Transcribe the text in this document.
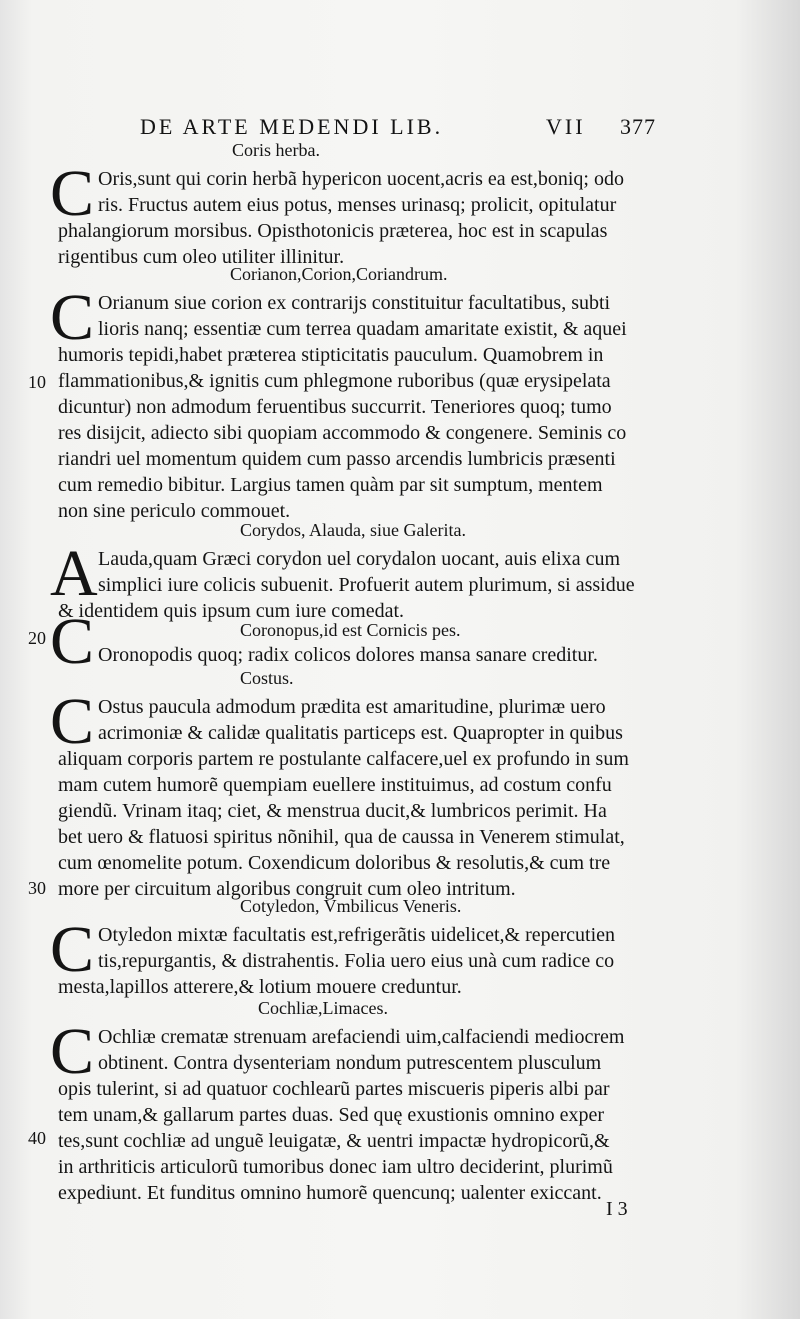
DE ARTE MEDENDI LIB.	VII 377
Coris herba.
C Oris,sunt qui corin herbã hypericon uocent,acris ea est,boniq; odo
ris. Fructus autem eius potus, menses urinasq; prolicit, opitulatur
phalangiorum morsibus. Opisthotonicis præterea, hoc est in scapulas
rigentibus cum oleo utiliter illinitur.
Corianon,Corion,Coriandrum.
C Orianum siue corion ex contrarijs constituitur facultatibus, subti
lioris nanq; essentiæ cum terrea quadam amaritate existit, & aquei
humoris tepidi,habet præterea stipticitatis pauculum. Quamobrem in
flammationibus,& ignitis cum phlegmone ruboribus (quæ erysipelata
dicuntur) non admodum feruentibus succurrit. Teneriores quoq; tumo
res disijcit, adiecto sibi quopiam accommodo & congenere. Seminis co
riandri uel momentum quidem cum passo arcendis lumbricis præsenti
cum remedio bibitur. Largius tamen quàm par sit sumptum, mentem
non sine periculo commouet.
10
Corydos, Alauda, siue Galerita.
A Lauda,quam Græci corydon uel corydalon uocant, auis elixa cum
simplici iure colicis subuenit. Profuerit autem plurimum, si assidue
& identidem quis ipsum cum iure comedat.
20	Coronopus,id est Cornicis pes.
C Oronopodis quoq; radix colicos dolores mansa sanare creditur.
Costus.
C Ostus paucula admodum prædita est amaritudine, plurimæ uero
acrimoniæ & calidæ qualitatis particeps est. Quapropter in quibus
aliquam corporis partem re postulante calfacere,uel ex profundo in sum
mam cutem humorẽ quempiam euellere instituimus, ad costum confu
giendũ. Vrinam itaq; ciet, & menstrua ducit,& lumbricos perimit. Ha
bet uero & flatuosi spiritus nõnihil, qua de caussa in Venerem stimulat,
cum œnomelite potum. Coxendicum doloribus & resolutis,& cum tre
more per circuitum algoribus congruit cum oleo intritum.
30
Cotyledon, Vmbilicus Veneris.
C Otyledon mixtæ facultatis est,refrigerãtis uidelicet,& repercutien
tis,repurgantis, & distrahentis. Folia uero eius unà cum radice co
mesta,lapillos atterere,& lotium mouere creduntur.
Cochliæ,Limaces.
C Ochliæ crematæ strenuam arefaciendi uim,calfaciendi mediocrem
obtinent. Contra dysenteriam nondum putrescentem plusculum
opis tulerint, si ad quatuor cochlearũ partes miscueris piperis albi par
tem unam,& gallarum partes duas. Sed quę exustionis omnino exper
tes,sunt cochliæ ad unguẽ leuigatæ, & uentri impactæ hydropicorũ,&
in arthriticis articulorũ tumoribus donec iam ultro deciderint, plurimũ
expediunt. Et funditus omnino humorẽ quencunq; ualenter exiccant.
40
I 3
